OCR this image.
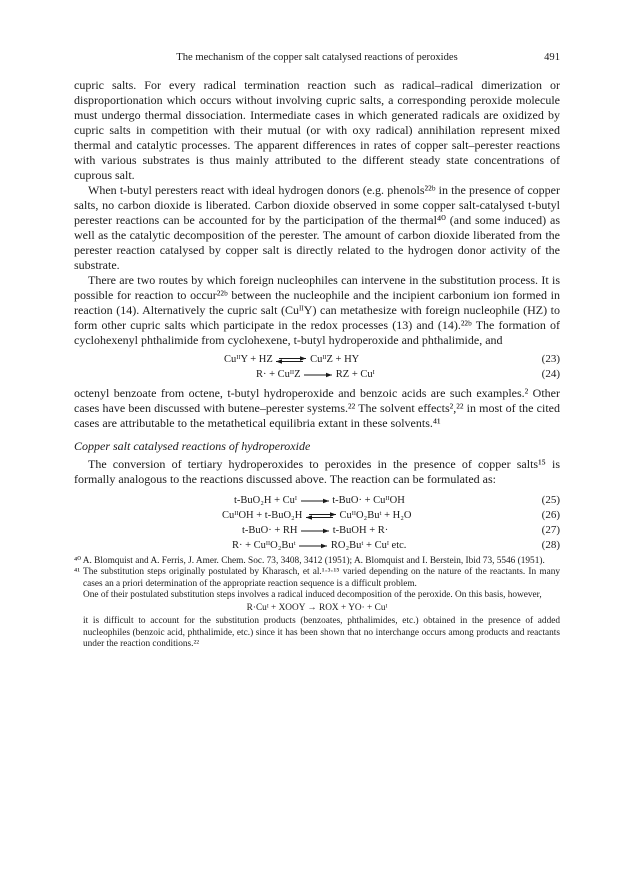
The mechanism of the copper salt catalysed reactions of peroxides	491

cupric salts. For every radical termination reaction such as radical–radical dimerization or disproportionation which occurs without involving cupric salts, a corresponding peroxide molecule must undergo thermal dissociation. Intermediate cases in which generated radicals are oxidized by cupric salts in competition with their mutual (or with oxy radical) annihilation represent mixed thermal and catalytic processes. The apparent differences in rates of copper salt–perester reactions with various substrates is thus mainly attributed to the different steady state concentrations of cuprous salt.

When t-butyl peresters react with ideal hydrogen donors (e.g. phenols²²ᵇ in the presence of copper salts, no carbon dioxide is liberated. Carbon dioxide observed in some copper salt-catalysed t-butyl perester reactions can be accounted for by the participation of the thermal⁴⁰ (and some induced) as well as the catalytic decomposition of the perester. The amount of carbon dioxide liberated from the perester reaction catalysed by copper salt is directly related to the hydrogen donor activity of the substrate.

There are two routes by which foreign nucleophiles can intervene in the substitution process. It is possible for reaction to occur²²ᵇ between the nucleophile and the incipient carbonium ion formed in reaction (14). Alternatively the cupric salt (CuᴵᴵY) can metathesize with foreign nucleophile (HZ) to form other cupric salts which participate in the redox processes (13) and (14).²²ᵇ The formation of cyclohexenyl phthalimide from cyclohexene, t-butyl hydroperoxide and phthalimide, and

CuᴵᴵY + HZ ⇌ CuᴵᴵZ + HY	(23)
R· + CuᴵᴵZ → RZ + Cuᴵ	(24)

octenyl benzoate from octene, t-butyl hydroperoxide and benzoic acids are such examples.² Other cases have been discussed with butene–perester systems.²² The solvent effects²,²² in most of the cited cases are attributable to the metathetical equilibria extant in these solvents.⁴¹

Copper salt catalysed reactions of hydroperoxide

The conversion of tertiary hydroperoxides to peroxides in the presence of copper salts¹⁵ is formally analogous to the reactions discussed above. The reaction can be formulated as:

t-BuO₂H + Cuᴵ → t-BuO· + CuᴵᴵOH	(25)
CuᴵᴵOH + t-BuO₂H ⇌ CuᴵᴵO₂Buᵗ + H₂O	(26)
t-BuO· + RH → t-BuOH + R·	(27)
R· + CuᴵᴵO₂Buᵗ → RO₂Buᵗ + Cuᴵ etc.	(28)

⁴⁰ A. Blomquist and A. Ferris, J. Amer. Chem. Soc. 73, 3408, 3412 (1951); A. Blomquist and I. Berstein, Ibid 73, 5546 (1951).

⁴¹ The substitution steps originally postulated by Kharasch, et al.¹·³·¹⁵ varied depending on the nature of the reactants. In many cases an a priori determination of the appropriate reaction sequence is a difficult problem.

One of their postulated substitution steps involves a radical induced decomposition of the peroxide. On this basis, however,

R·Cuᴵ + XOOY → ROX + YO· + Cuᴵ

it is difficult to account for the substitution products (benzoates, phthalimides, etc.) obtained in the presence of added nucleophiles (benzoic acid, phthalimide, etc.) since it has been shown that no interchange occurs among products and reactants under the reaction conditions.²²
